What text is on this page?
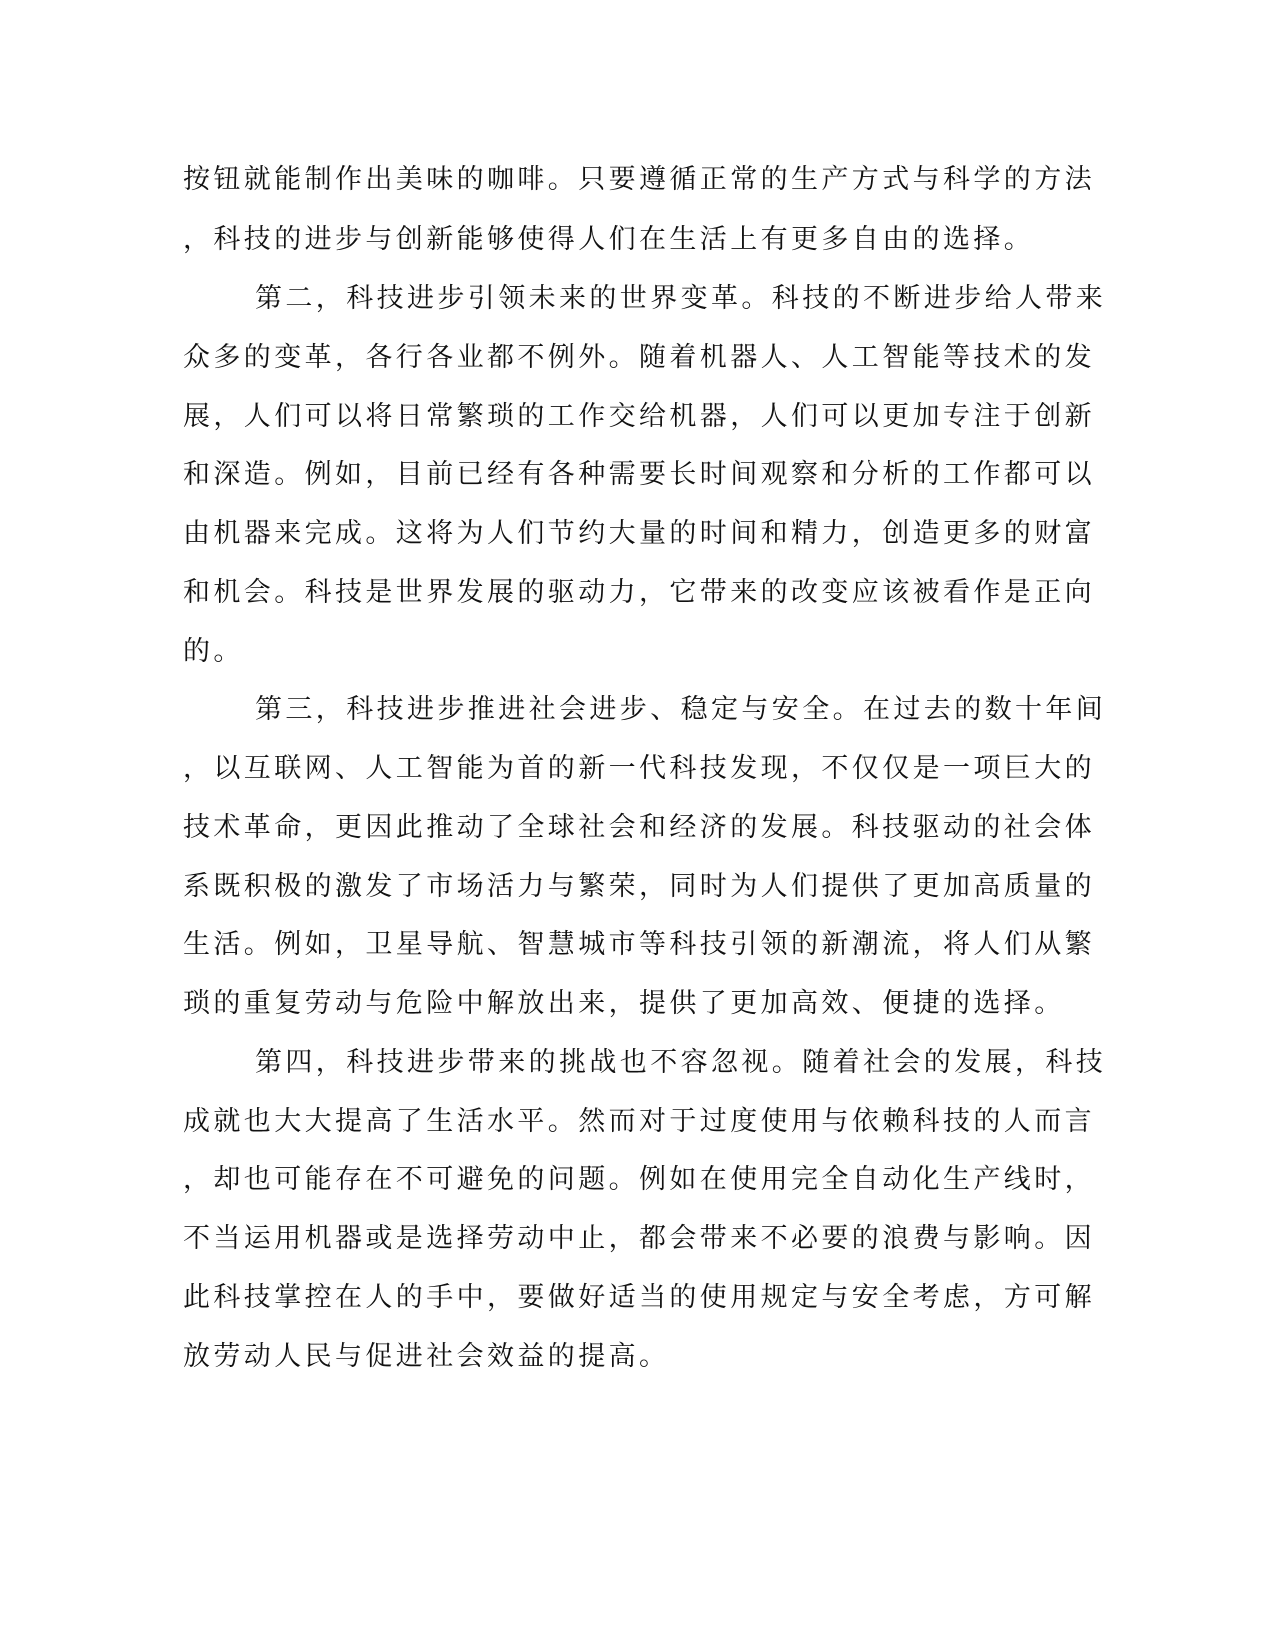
按钮就能制作出美味的咖啡。只要遵循正常的生产方式与科学的方法
，科技的进步与创新能够使得人们在生活上有更多自由的选择。
第二，科技进步引领未来的世界变革。科技的不断进步给人带来
众多的变革，各行各业都不例外。随着机器人、人工智能等技术的发
展，人们可以将日常繁琐的工作交给机器，人们可以更加专注于创新
和深造。例如，目前已经有各种需要长时间观察和分析的工作都可以
由机器来完成。这将为人们节约大量的时间和精力，创造更多的财富
和机会。科技是世界发展的驱动力，它带来的改变应该被看作是正向
的。
第三，科技进步推进社会进步、稳定与安全。在过去的数十年间
，以互联网、人工智能为首的新一代科技发现，不仅仅是一项巨大的
技术革命，更因此推动了全球社会和经济的发展。科技驱动的社会体
系既积极的激发了市场活力与繁荣，同时为人们提供了更加高质量的
生活。例如，卫星导航、智慧城市等科技引领的新潮流，将人们从繁
琐的重复劳动与危险中解放出来，提供了更加高效、便捷的选择。
第四，科技进步带来的挑战也不容忽视。随着社会的发展，科技
成就也大大提高了生活水平。然而对于过度使用与依赖科技的人而言
，却也可能存在不可避免的问题。例如在使用完全自动化生产线时，
不当运用机器或是选择劳动中止，都会带来不必要的浪费与影响。因
此科技掌控在人的手中，要做好适当的使用规定与安全考虑，方可解
放劳动人民与促进社会效益的提高。
